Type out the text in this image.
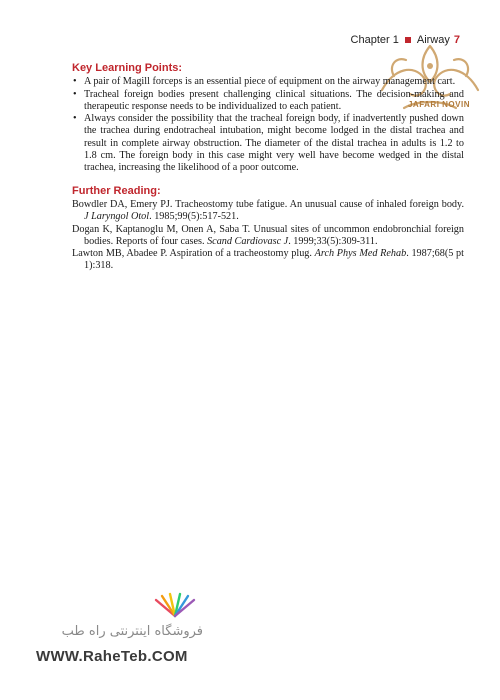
Chapter 1 Airway 7
JAFARI NOVIN
Key Learning Points:
• A pair of Magill forceps is an essential piece of equipment on the airway management cart.
• Tracheal foreign bodies present challenging clinical situations. The decision-making and therapeutic response needs to be individualized to each patient.
• Always consider the possibility that the tracheal foreign body, if inadvertently pushed down the trachea during endotracheal intubation, might become lodged in the distal trachea and result in complete airway obstruction. The diameter of the distal trachea in adults is 1.2 to 1.8 cm. The foreign body in this case might very well have become wedged in the distal trachea, increasing the likelihood of a poor outcome.
Further Reading:
Bowdler DA, Emery PJ. Tracheostomy tube fatigue. An unusual cause of inhaled foreign body. J Laryngol Otol. 1985;99(5):517-521.
Dogan K, Kaptanoglu M, Onen A, Saba T. Unusual sites of uncommon endobronchial foreign bodies. Reports of four cases. Scand Cardiovasc J. 1999;33(5):309-311.
Lawton MB, Abadee P. Aspiration of a tracheostomy plug. Arch Phys Med Rehab. 1987;68(5 pt 1):318.
فروشگاه اینترنتی راه طب
WWW.RaheTeb.COM
